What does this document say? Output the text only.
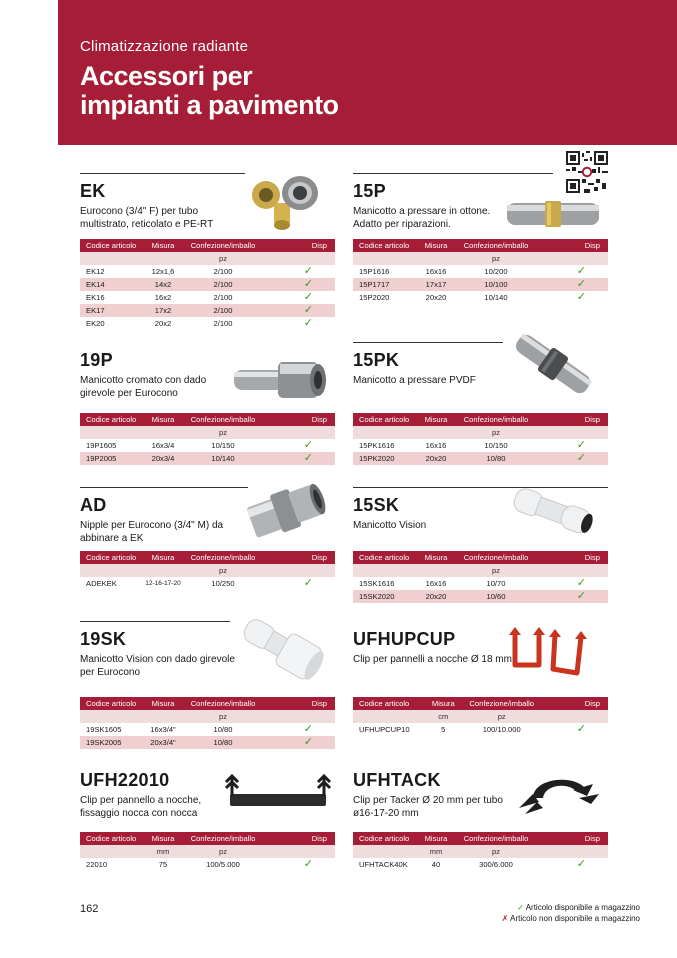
Climatizzazione radiante
Accessori per
impianti a pavimento
EK
Eurocono (3/4" F) per tubo multistrato, reticolato e PE-RT
Codice articolo	Misura	Confezione/imballo	Disp
		pz	
EK12	12x1,6	2/100	✓
EK14	14x2	2/100	✓
EK16	16x2	2/100	✓
EK17	17x2	2/100	✓
EK20	20x2	2/100	✓
15P
Manicotto a pressare in ottone. Adatto per riparazioni.
Codice articolo	Misura	Confezione/imballo	Disp
		pz	
15P1616	16x16	10/200	✓
15P1717	17x17	10/100	✓
15P2020	20x20	10/140	✓
19P
Manicotto cromato con dado girevole per Eurocono
Codice articolo	Misura	Confezione/imballo	Disp
		pz	
19P1605	16x3/4	10/150	✓
19P2005	20x3/4	10/140	✓
15PK
Manicotto a pressare PVDF
Codice articolo	Misura	Confezione/imballo	Disp
		pz	
15PK1616	16x16	10/150	✓
15PK2020	20x20	10/80	✓
AD
Nipple per Eurocono (3/4" M) da abbinare a EK
Codice articolo	Misura	Confezione/imballo	Disp
		pz	
ADEKEK	12-16-17-20	10/250	✓
15SK
Manicotto Vision
Codice articolo	Misura	Confezione/imballo	Disp
		pz	
15SK1616	16x16	10/70	✓
15SK2020	20x20	10/60	✓
19SK
Manicotto Vision con dado girevole per Eurocono
Codice articolo	Misura	Confezione/imballo	Disp
		pz	
19SK1605	16x3/4"	10/80	✓
19SK2005	20x3/4"	10/80	✓
UFHUPCUP
Clip per pannelli a nocche Ø 18 mm
Codice articolo	Misura	Confezione/imballo	Disp
	cm	pz	
UFHUPCUP10	5	100/10.000	✓
UFH22010
Clip per pannello a nocche, fissaggio nocca con nocca
Codice articolo	Misura	Confezione/imballo	Disp
	mm	pz	
22010	75	100/5.000	✓
UFHTACK
Clip per Tacker Ø 20 mm per tubo ø16-17-20 mm
Codice articolo	Misura	Confezione/imballo	Disp
	mm	pz	
UFHTACK40K	40	300/6.000	✓
162	✓ Articolo disponibile a magazzino
✗ Articolo non disponibile a magazzino
